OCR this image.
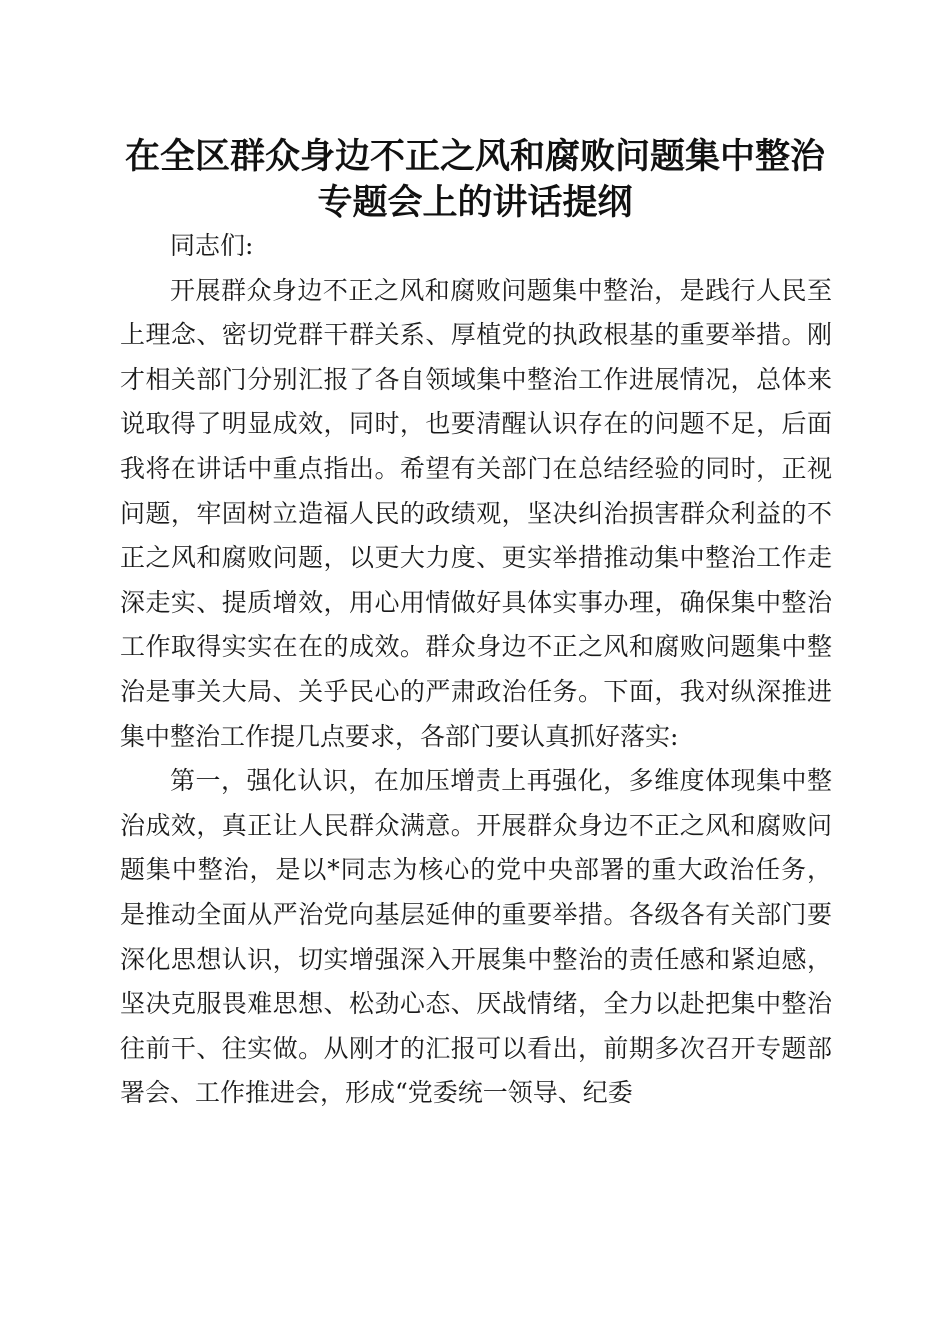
在全区群众身边不正之风和腐败问题集中整治
专题会上的讲话提纲

同志们:

开展群众身边不正之风和腐败问题集中整治，是践行人民至上理念、密切党群干群关系、厚植党的执政根基的重要举措。刚才相关部门分别汇报了各自领域集中整治工作进展情况，总体来说取得了明显成效，同时，也要清醒认识存在的问题不足，后面我将在讲话中重点指出。希望有关部门在总结经验的同时，正视问题，牢固树立造福人民的政绩观，坚决纠治损害群众利益的不正之风和腐败问题，以更大力度、更实举措推动集中整治工作走深走实、提质增效，用心用情做好具体实事办理，确保集中整治工作取得实实在在的成效。群众身边不正之风和腐败问题集中整治是事关大局、关乎民心的严肃政治任务。下面，我对纵深推进集中整治工作提几点要求，各部门要认真抓好落实:

第一，强化认识，在加压增责上再强化，多维度体现集中整治成效，真正让人民群众满意。开展群众身边不正之风和腐败问题集中整治，是以*同志为核心的党中央部署的重大政治任务，是推动全面从严治党向基层延伸的重要举措。各级各有关部门要深化思想认识，切实增强深入开展集中整治的责任感和紧迫感，坚决克服畏难思想、松劲心态、厌战情绪，全力以赴把集中整治往前干、往实做。从刚才的汇报可以看出，前期多次召开专题部署会、工作推进会，形成“党委统一领导、纪委
